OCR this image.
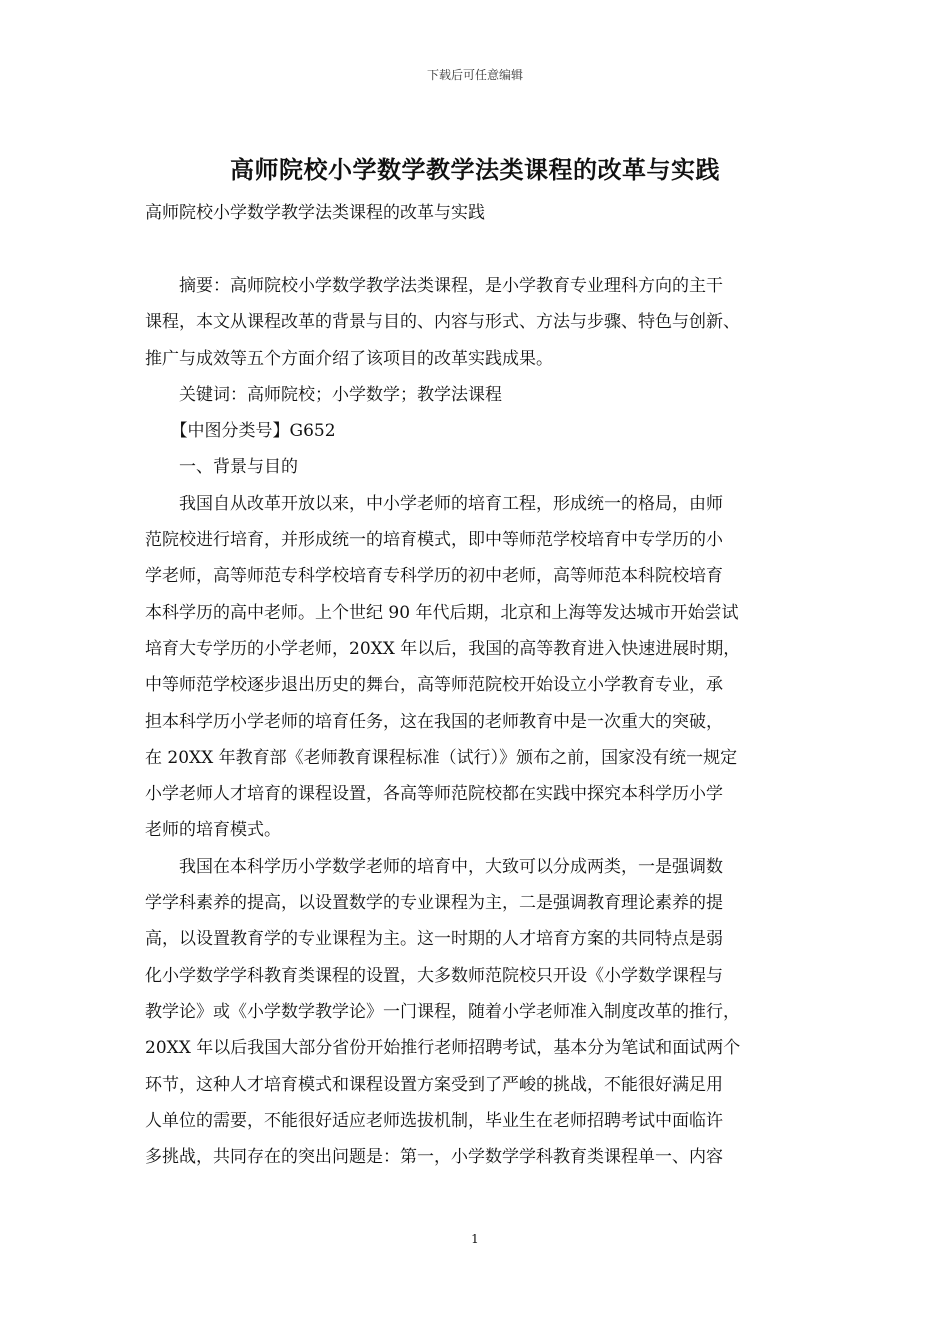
下载后可任意编辑
高师院校小学数学教学法类课程的改革与实践
高师院校小学数学教学法类课程的改革与实践
　　摘要：高师院校小学数学教学法类课程，是小学教育专业理科方向的主干
课程，本文从课程改革的背景与目的、内容与形式、方法与步骤、特色与创新、
推广与成效等五个方面介绍了该项目的改革实践成果。
　　关键词：高师院校；小学数学；教学法课程
　　【中图分类号】G652
　　一、背景与目的
　　我国自从改革开放以来，中小学老师的培育工程，形成统一的格局，由师
范院校进行培育，并形成统一的培育模式，即中等师范学校培育中专学历的小
学老师，高等师范专科学校培育专科学历的初中老师，高等师范本科院校培育
本科学历的高中老师。上个世纪 90 年代后期，北京和上海等发达城市开始尝试
培育大专学历的小学老师，20XX 年以后，我国的高等教育进入快速进展时期，
中等师范学校逐步退出历史的舞台，高等师范院校开始设立小学教育专业，承
担本科学历小学老师的培育任务，这在我国的老师教育中是一次重大的突破，
在 20XX 年教育部《老师教育课程标准（试行）》颁布之前，国家没有统一规定
小学老师人才培育的课程设置，各高等师范院校都在实践中探究本科学历小学
老师的培育模式。
　　我国在本科学历小学数学老师的培育中，大致可以分成两类，一是强调数
学学科素养的提高，以设置数学的专业课程为主，二是强调教育理论素养的提
高，以设置教育学的专业课程为主。这一时期的人才培育方案的共同特点是弱
化小学数学学科教育类课程的设置，大多数师范院校只开设《小学数学课程与
教学论》或《小学数学教学论》一门课程，随着小学老师准入制度改革的推行，
20XX 年以后我国大部分省份开始推行老师招聘考试，基本分为笔试和面试两个
环节，这种人才培育模式和课程设置方案受到了严峻的挑战，不能很好满足用
人单位的需要，不能很好适应老师选拔机制，毕业生在老师招聘考试中面临许
多挑战，共同存在的突出问题是：第一，小学数学学科教育类课程单一、内容
1
